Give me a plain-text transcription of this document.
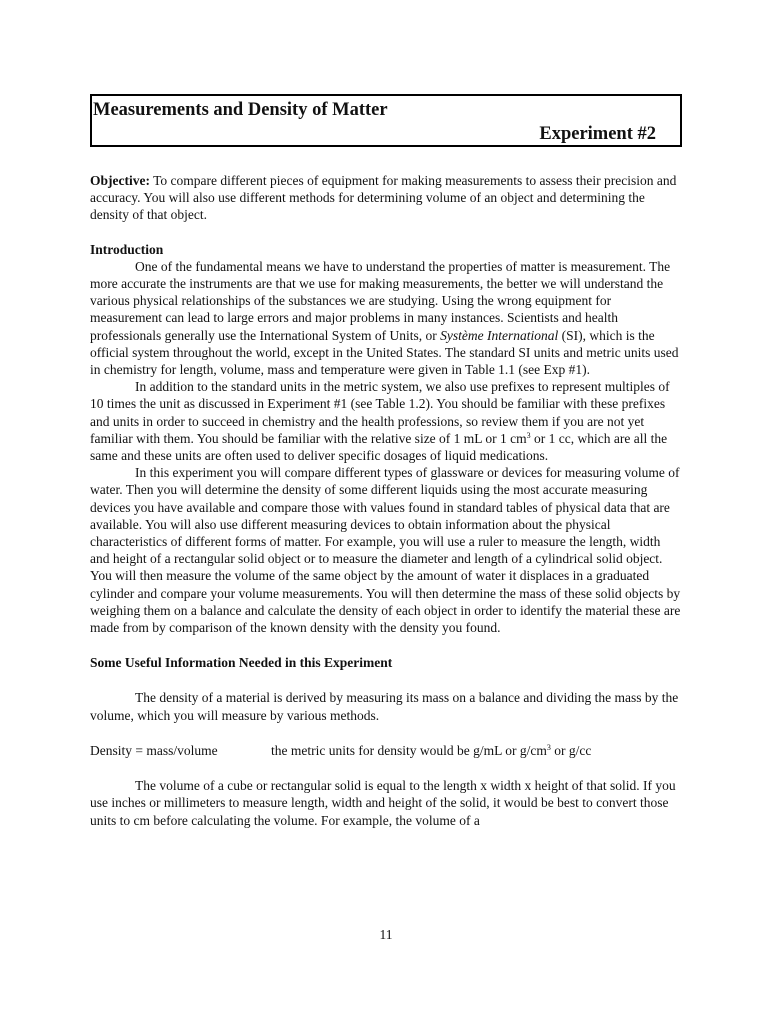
Measurements and Density of Matter
Experiment #2

Objective: To compare different pieces of equipment for making measurements to assess their precision and accuracy. You will also use different methods for determining volume of an object and determining the density of that object.

Introduction

One of the fundamental means we have to understand the properties of matter is measurement. The more accurate the instruments are that we use for making measurements, the better we will understand the various physical relationships of the substances we are studying. Using the wrong equipment for measurement can lead to large errors and major problems in many instances. Scientists and health professionals generally use the International System of Units, or Système International (SI), which is the official system throughout the world, except in the United States. The standard SI units and metric units used in chemistry for length, volume, mass and temperature were given in Table 1.1 (see Exp #1).

In addition to the standard units in the metric system, we also use prefixes to represent multiples of 10 times the unit as discussed in Experiment #1 (see Table 1.2). You should be familiar with these prefixes and units in order to succeed in chemistry and the health professions, so review them if you are not yet familiar with them. You should be familiar with the relative size of 1 mL or 1 $cm^3$ or 1 cc, which are all the same and these units are often used to deliver specific dosages of liquid medications.

In this experiment you will compare different types of glassware or devices for measuring volume of water. Then you will determine the density of some different liquids using the most accurate measuring devices you have available and compare those with values found in standard tables of physical data that are available. You will also use different measuring devices to obtain information about the physical characteristics of different forms of matter. For example, you will use a ruler to measure the length, width and height of a rectangular solid object or to measure the diameter and length of a cylindrical solid object. You will then measure the volume of the same object by the amount of water it displaces in a graduated cylinder and compare your volume measurements. You will then determine the mass of these solid objects by weighing them on a balance and calculate the density of each object in order to identify the material these are made from by comparison of the known density with the density you found.

Some Useful Information Needed in this Experiment

The density of a material is derived by measuring its mass on a balance and dividing the mass by the volume, which you will measure by various methods.

Density = mass/volume	the metric units for density would be g/mL or $g/cm^3$ or g/cc

The volume of a cube or rectangular solid is equal to the length x width x height of that solid. If you use inches or millimeters to measure length, width and height of the solid, it would be best to convert those units to cm before calculating the volume. For example, the volume of a

11
